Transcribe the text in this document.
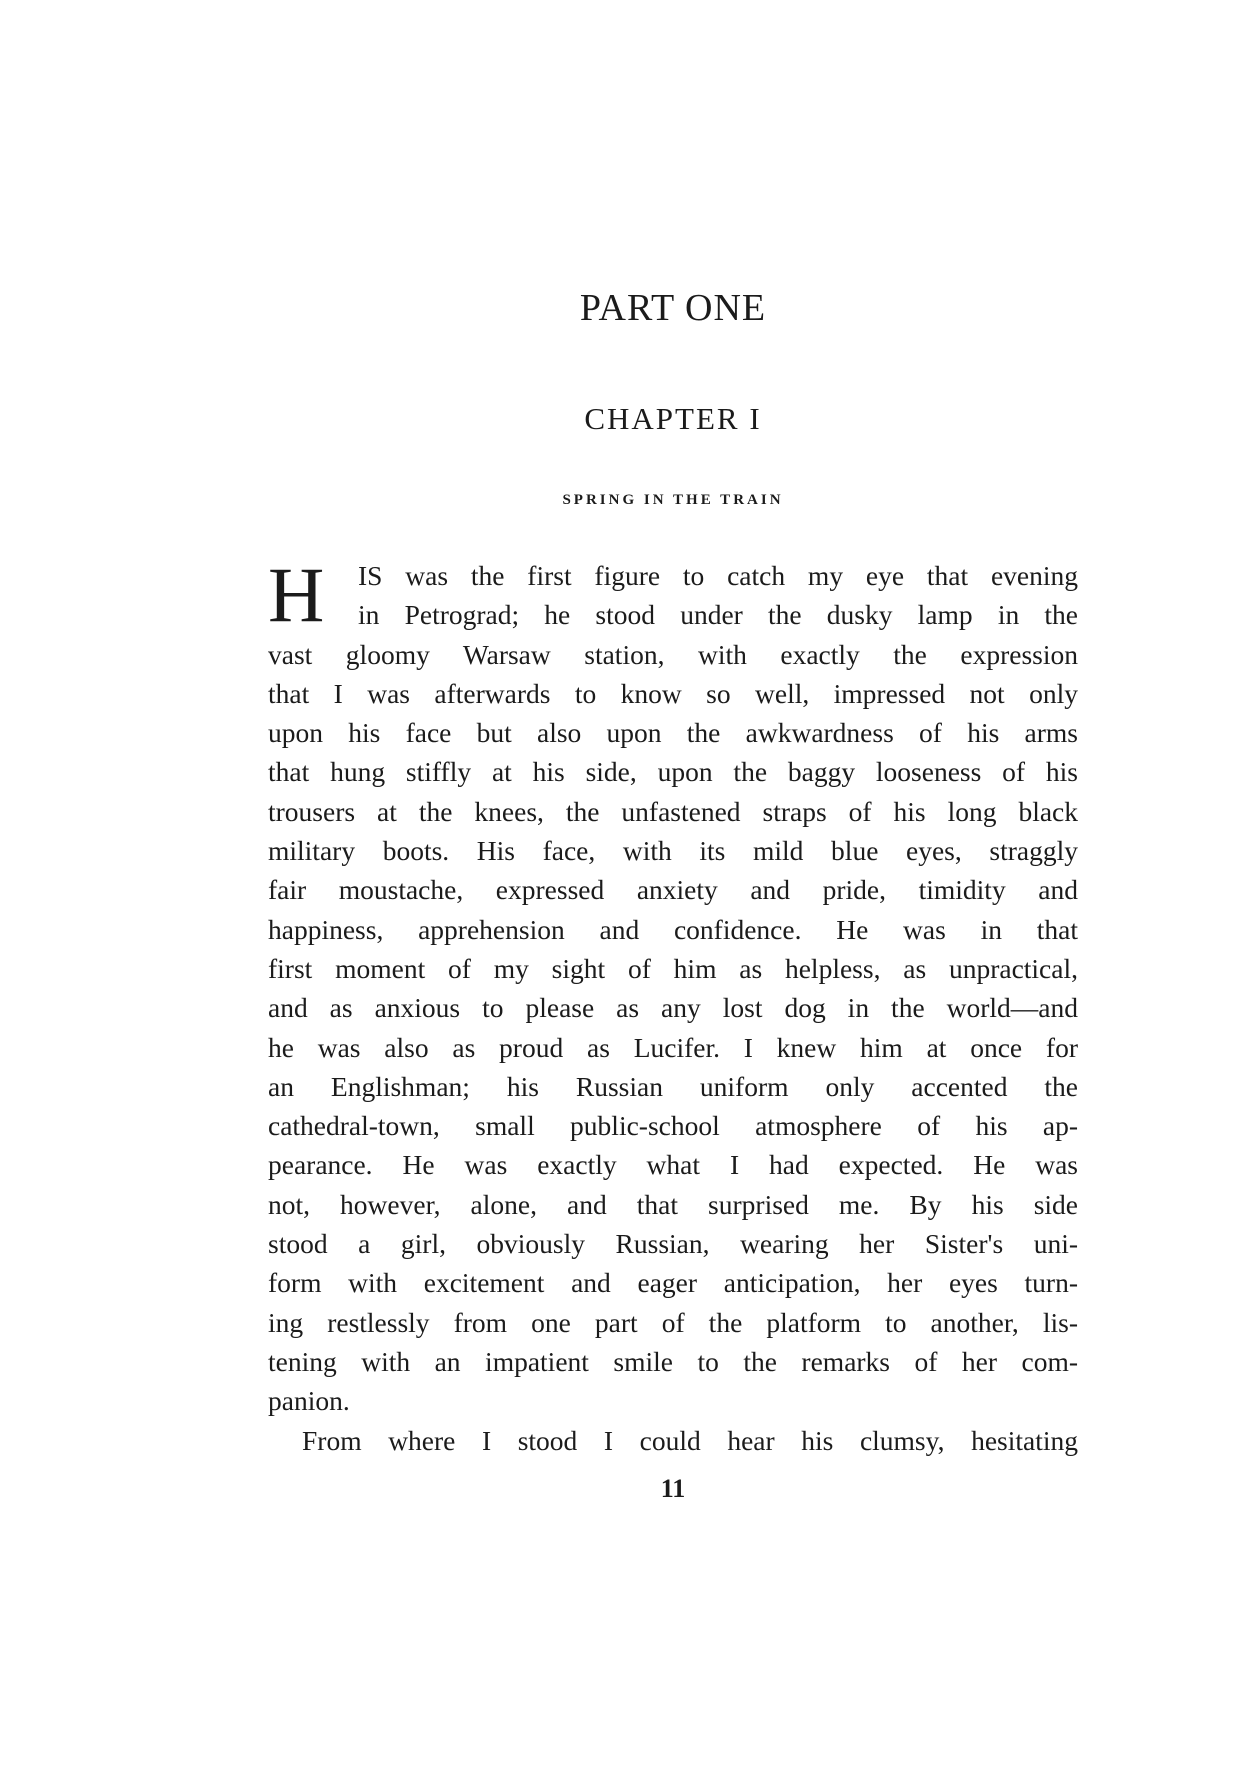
PART ONE
CHAPTER I
SPRING IN THE TRAIN
H	IS was the first figure to catch my eye that evening
in Petrograd; he stood under the dusky lamp in the
vast gloomy Warsaw station, with exactly the expression
that I was afterwards to know so well, impressed not only
upon his face but also upon the awkwardness of his arms
that hung stiffly at his side, upon the baggy looseness of his
trousers at the knees, the unfastened straps of his long black
military boots. His face, with its mild blue eyes, straggly
fair moustache, expressed anxiety and pride, timidity and
happiness, apprehension and confidence. He was in that
first moment of my sight of him as helpless, as unpractical,
and as anxious to please as any lost dog in the world—and
he was also as proud as Lucifer. I knew him at once for
an Englishman; his Russian uniform only accented the
cathedral-town, small public-school atmosphere of his ap-
pearance. He was exactly what I had expected. He was
not, however, alone, and that surprised me. By his side
stood a girl, obviously Russian, wearing her Sister's uni-
form with excitement and eager anticipation, her eyes turn-
ing restlessly from one part of the platform to another, lis-
tening with an impatient smile to the remarks of her com-
panion.
From where I stood I could hear his clumsy, hesitating
11
